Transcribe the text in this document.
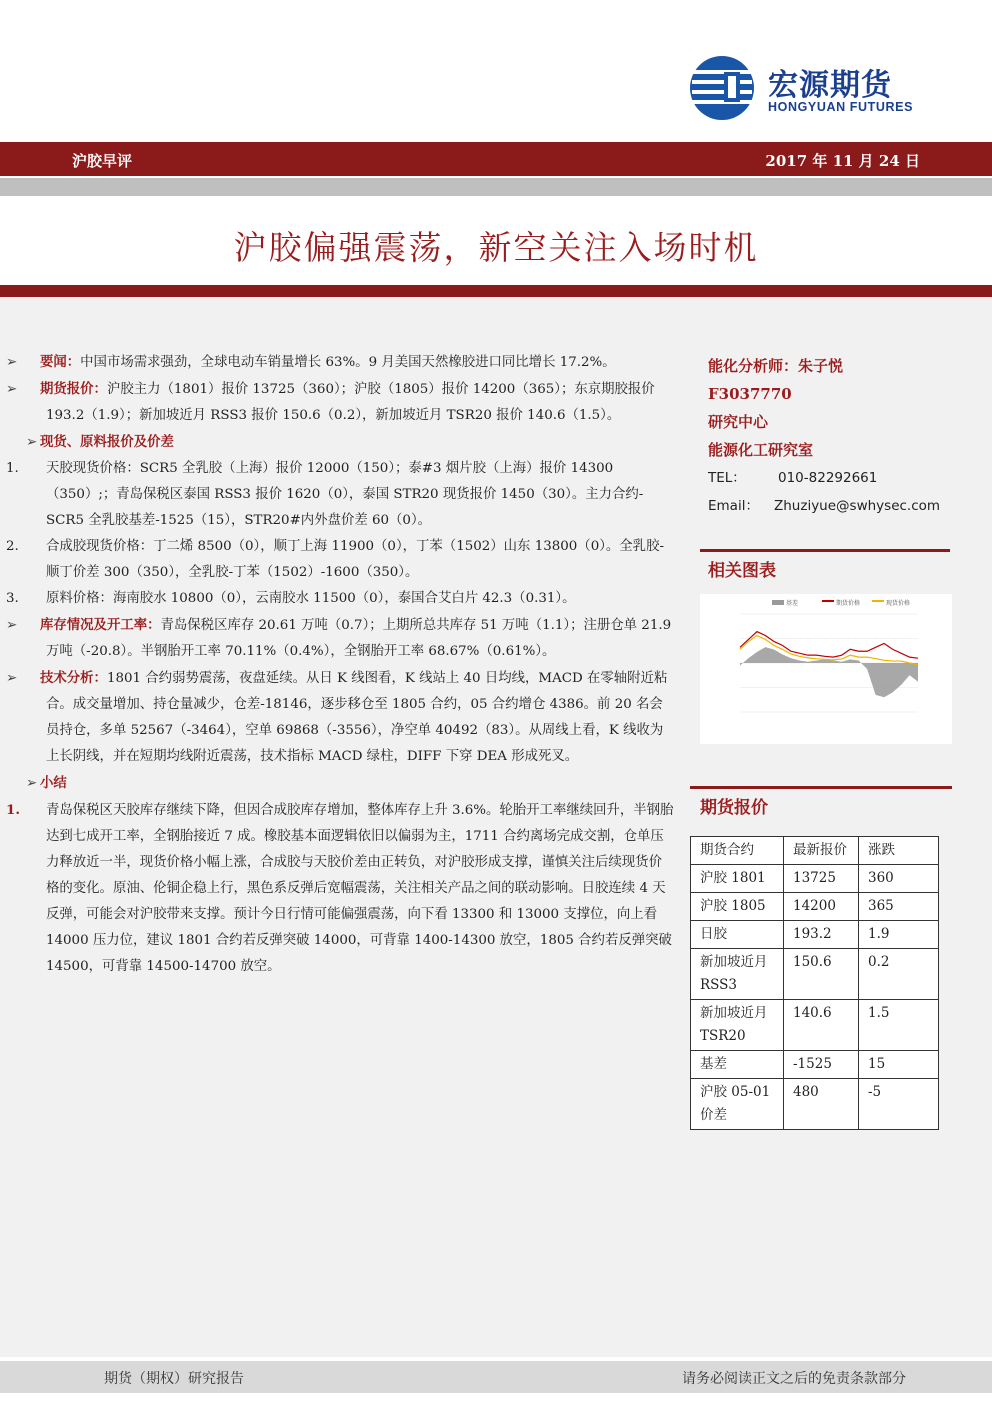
宏源期货
HONGYUAN FUTURES
沪胶早评	2017 年 11 月 24 日
沪胶偏强震荡，新空关注入场时机

➢ 要闻：中国市场需求强劲，全球电动车销量增长 63%。9 月美国天然橡胶进口同比增长 17.2%。

➢ 期货报价：沪胶主力（1801）报价 13725（360）；沪胶（1805）报价 14200（365）；东京期胶报价 193.2（1.9）；新加坡近月 RSS3 报价 150.6（0.2），新加坡近月 TSR20 报价 140.6（1.5）。

➢ 现货、原料报价及价差

1. 天胶现货价格：SCR5 全乳胶（上海）报价 12000（150）；泰#3 烟片胶（上海）报价 14300（350）;；青岛保税区泰国 RSS3 报价 1620（0），泰国 STR20 现货报价 1450（30）。主力合约-SCR5 全乳胶基差-1525（15），STR20#内外盘价差 60（0）。

2. 合成胶现货价格：丁二烯 8500（0），顺丁上海 11900（0），丁苯（1502）山东 13800（0）。全乳胶-顺丁价差 300（350），全乳胶-丁苯（1502）-1600（350）。

3. 原料价格：海南胶水 10800（0），云南胶水 11500（0），泰国合艾白片 42.3（0.31）。

➢ 库存情况及开工率：青岛保税区库存 20.61 万吨（0.7）；上期所总共库存 51 万吨（1.1）；注册仓单 21.9 万吨（-20.8）。半钢胎开工率 70.11%（0.4%），全钢胎开工率 68.67%（0.61%）。

➢ 技术分析：1801 合约弱势震荡，夜盘延续。从日 K 线图看，K 线站上 40 日均线，MACD 在零轴附近粘合。成交量增加、持仓量减少，仓差-18146，逐步移仓至 1805 合约，05 合约增仓 4386。前 20 名会员持仓，多单 52567（-3464），空单 69868（-3556），净空单 40492（83）。从周线上看，K 线收为上长阴线，并在短期均线附近震荡，技术指标 MACD 绿柱，DIFF 下穿 DEA 形成死叉。

➢ 小结

1. 青岛保税区天胶库存继续下降，但因合成胶库存增加，整体库存上升 3.6%。轮胎开工率继续回升，半钢胎达到七成开工率，全钢胎接近 7 成。橡胶基本面逻辑依旧以偏弱为主，1711 合约离场完成交割，仓单压力释放近一半，现货价格小幅上涨，合成胶与天胶价差由正转负，对沪胶形成支撑，谨慎关注后续现货价格的变化。原油、伦铜企稳上行，黑色系反弹后宽幅震荡，关注相关产品之间的联动影响。日胶连续 4 天反弹，可能会对沪胶带来支撑。预计今日行情可能偏强震荡，向下看 13300 和 13000 支撑位，向上看 14000 压力位，建议 1801 合约若反弹突破 14000，可背靠 1400-14300 放空，1805 合约若反弹突破 14500，可背靠 14500-14700 放空。

能化分析师：朱子悦

F3037770

研究中心

能源化工研究室

TEL： 010-82292661

Email： Zhuziyue@swhysec.com

相关图表
基差	期货价格	现货价格
期货报价
期货合约	最新报价	涨跌
沪胶 1801	13725	360
沪胶 1805	14200	365
日胶	193.2	1.9
新加坡近月 RSS3	150.6	0.2
新加坡近月 TSR20	140.6	1.5
基差	-1525	15
沪胶 05-01 价差	480	-5
期货（期权）研究报告	请务必阅读正文之后的免责条款部分
